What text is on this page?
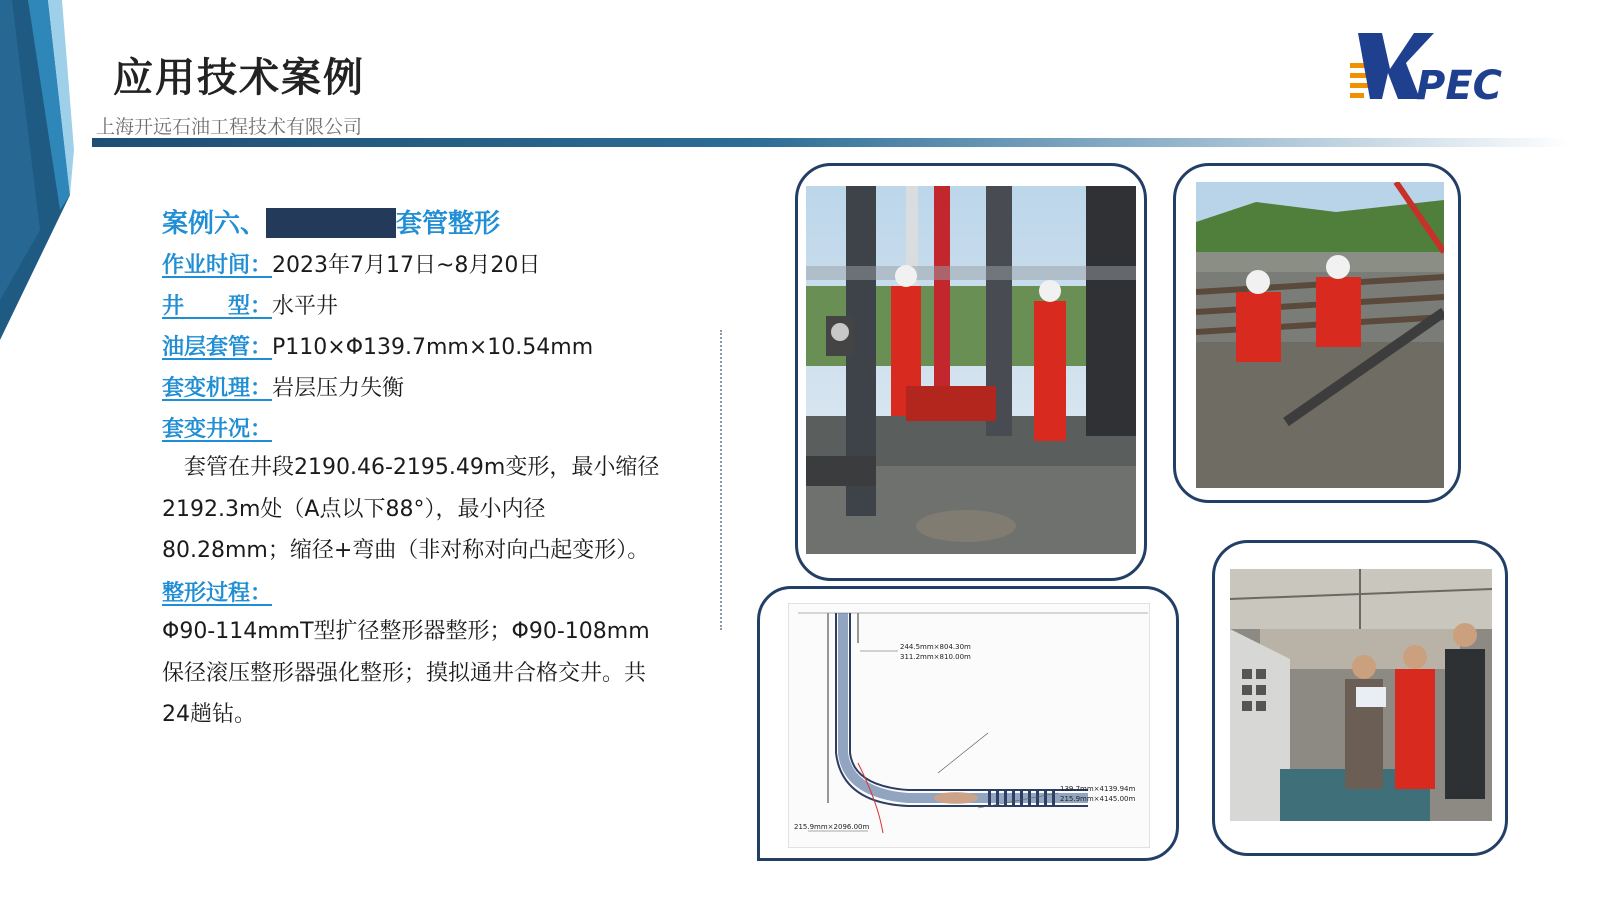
应用技术案例
上海开远石油工程技术有限公司
PEC
案例六、	套管整形
作业时间：2023年7月17日~8月20日
井　　型：水平井
油层套管：P110×Φ139.7mm×10.54mm
套变机理：岩层压力失衡
套变井况：
　套管在井段2190.46-2195.49m变形，最小缩径2192.3m处（A点以下88°），最小内径80.28mm；缩径+弯曲（非对称对向凸起变形）。
整形过程：
Φ90-114mmT型扩径整形器整形；Φ90-108mm保径滚压整形器强化整形；摸拟通井合格交井。共24趟钻。
244.5mm×804.30m
311.2mm×810.00m
139.7mm×4139.94m
215.9mm×4145.00m
215.9mm×2096.00m
